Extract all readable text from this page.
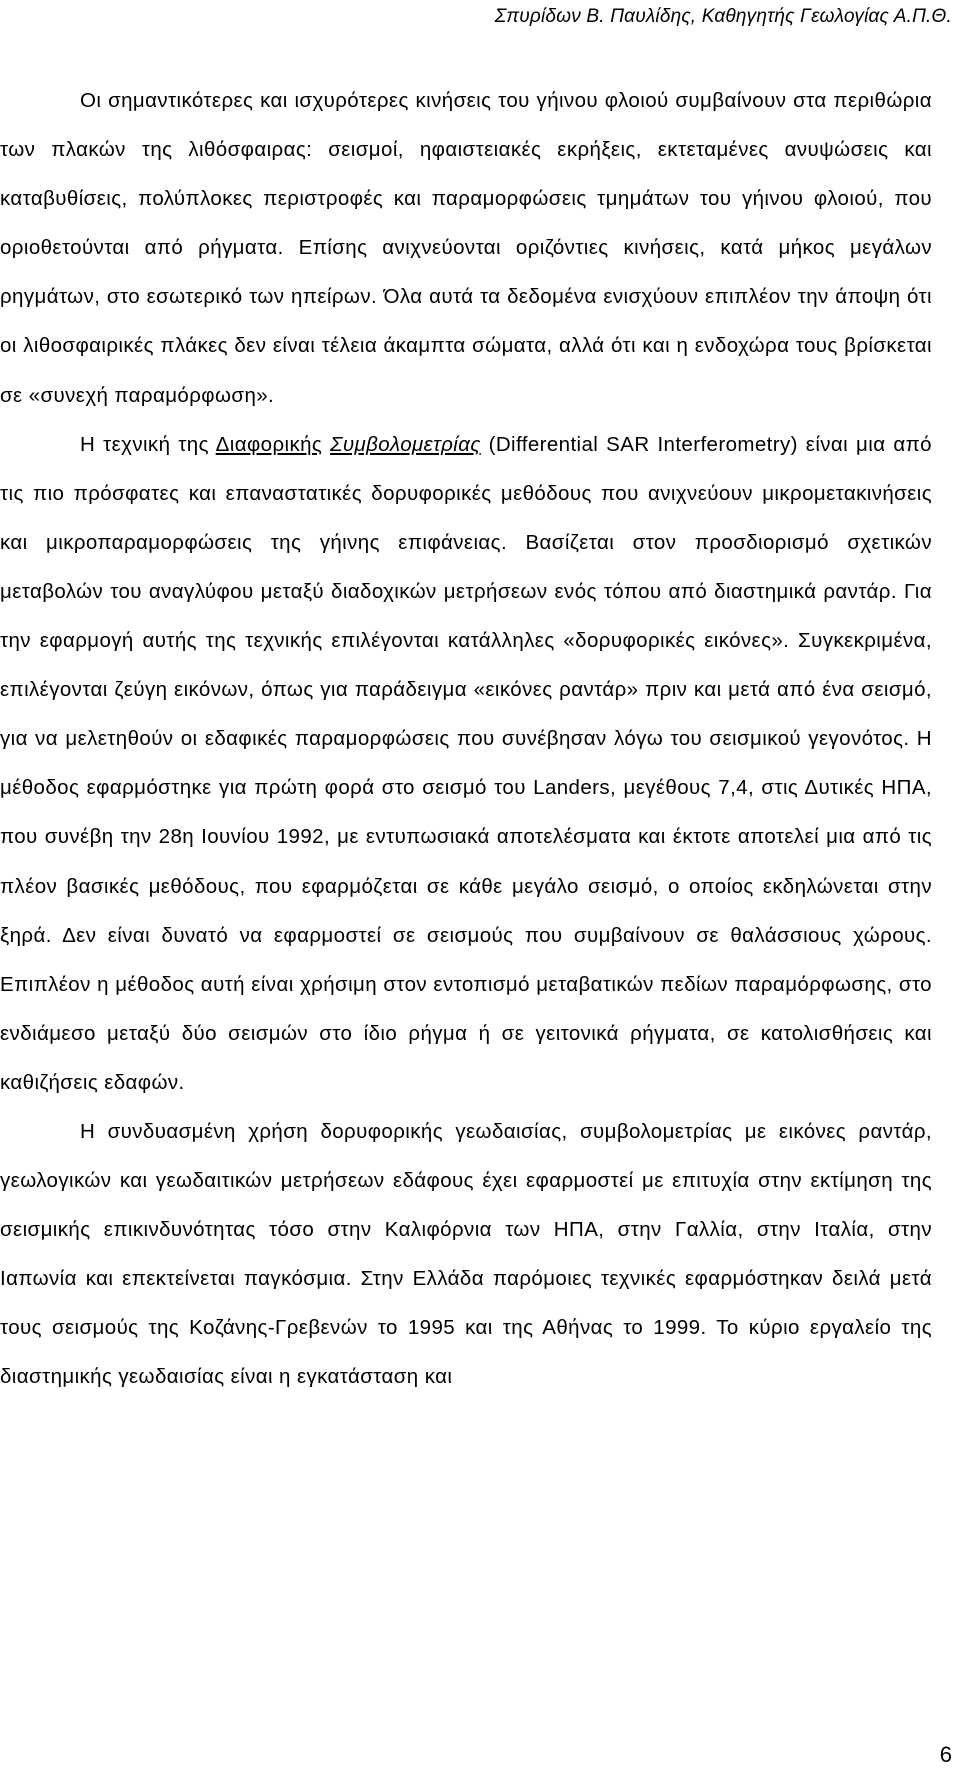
Σπυρίδων Β. Παυλίδης, Καθηγητής Γεωλογίας Α.Π.Θ.

Οι σημαντικότερες και ισχυρότερες κινήσεις του γήινου φλοιού συμβαίνουν στα περιθώρια των πλακών της λιθόσφαιρας: σεισμοί, ηφαιστειακές εκρήξεις, εκτεταμένες ανυψώσεις και καταβυθίσεις, πολύπλοκες περιστροφές και παραμορφώσεις τμημάτων του γήινου φλοιού, που οριοθετούνται από ρήγματα. Επίσης ανιχνεύονται οριζόντιες κινήσεις, κατά μήκος μεγάλων ρηγμάτων, στο εσωτερικό των ηπείρων. Όλα αυτά τα δεδομένα ενισχύουν επιπλέον την άποψη ότι οι λιθοσφαιρικές πλάκες δεν είναι τέλεια άκαμπτα σώματα, αλλά ότι και η ενδοχώρα τους βρίσκεται σε «συνεχή παραμόρφωση».

Η τεχνική της Διαφορικής Συμβολομετρίας (Differential SAR Interferometry) είναι μια από τις πιο πρόσφατες και επαναστατικές δορυφορικές μεθόδους που ανιχνεύουν μικρομετακινήσεις και μικροπαραμορφώσεις της γήινης επιφάνειας. Βασίζεται στον προσδιορισμό σχετικών μεταβολών του αναγλύφου μεταξύ διαδοχικών μετρήσεων ενός τόπου από διαστημικά ραντάρ. Για την εφαρμογή αυτής της τεχνικής επιλέγονται κατάλληλες «δορυφορικές εικόνες». Συγκεκριμένα, επιλέγονται ζεύγη εικόνων, όπως για παράδειγμα «εικόνες ραντάρ» πριν και μετά από ένα σεισμό, για να μελετηθούν οι εδαφικές παραμορφώσεις που συνέβησαν λόγω του σεισμικού γεγονότος. Η μέθοδος εφαρμόστηκε για πρώτη φορά στο σεισμό του Landers, μεγέθους 7,4, στις Δυτικές ΗΠΑ, που συνέβη την 28η Ιουνίου 1992, με εντυπωσιακά αποτελέσματα και έκτοτε αποτελεί μια από τις πλέον βασικές μεθόδους, που εφαρμόζεται σε κάθε μεγάλο σεισμό, ο οποίος εκδηλώνεται στην ξηρά. Δεν είναι δυνατό να εφαρμοστεί σε σεισμούς που συμβαίνουν σε θαλάσσιους χώρους. Επιπλέον η μέθοδος αυτή είναι χρήσιμη στον εντοπισμό μεταβατικών πεδίων παραμόρφωσης, στο ενδιάμεσο μεταξύ δύο σεισμών στο ίδιο ρήγμα ή σε γειτονικά ρήγματα, σε κατολισθήσεις και καθιζήσεις εδαφών.

Η συνδυασμένη χρήση δορυφορικής γεωδαισίας, συμβολομετρίας με εικόνες ραντάρ, γεωλογικών και γεωδαιτικών μετρήσεων εδάφους έχει εφαρμοστεί με επιτυχία στην εκτίμηση της σεισμικής επικινδυνότητας τόσο στην Καλιφόρνια των ΗΠΑ, στην Γαλλία, στην Ιταλία, στην Ιαπωνία και επεκτείνεται παγκόσμια. Στην Ελλάδα παρόμοιες τεχνικές εφαρμόστηκαν δειλά μετά τους σεισμούς της Κοζάνης-Γρεβενών το 1995 και της Αθήνας το 1999. Το κύριο εργαλείο της διαστημικής γεωδαισίας είναι η εγκατάσταση και

6
